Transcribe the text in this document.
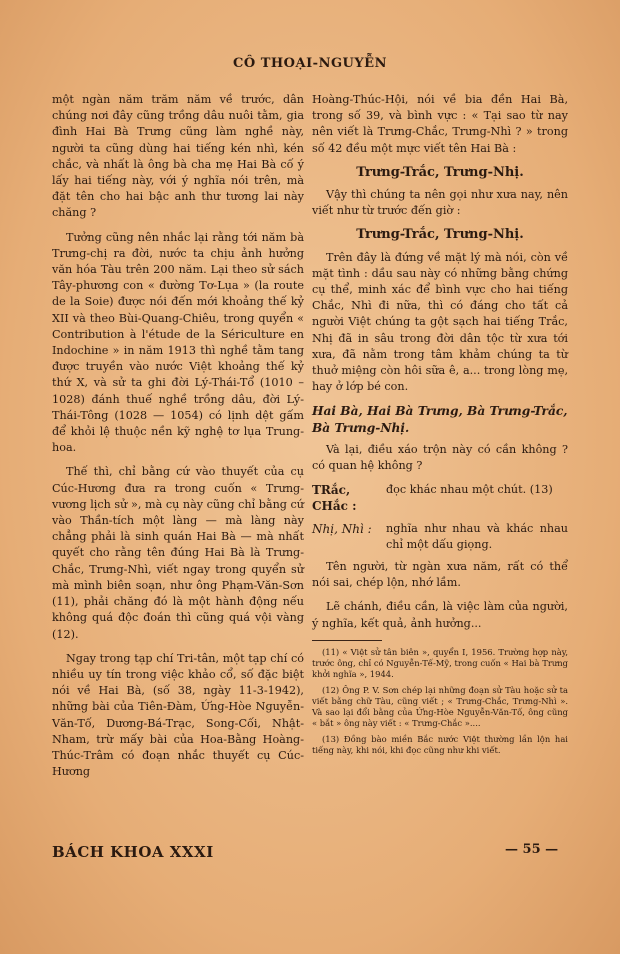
CÔ THOẠI-NGUYỄN

một ngàn năm trăm năm về trước, dân chúng nơi đây cũng trồng dâu nuôi tằm, gia đình Hai Bà Trưng cũng làm nghề này, người ta cũng dùng hai tiếng kén nhì, kén chắc, và nhất là ông bà cha mẹ Hai Bà cố ý lấy hai tiếng này, với ý nghĩa nói trên, mà đặt tên cho hai bậc anh thư tương lai này chăng ?

Tưởng cũng nên nhắc lại rằng tới năm bà Trưng-chị ra đời, nước ta chịu ảnh hưởng văn hóa Tàu trên 200 năm. Lại theo sử sách Tây-phương con « đường Tơ-Lụa » (la route de la Soie) được nói đến mới khoảng thế kỷ XII và theo Bùi-Quang-Chiêu, trong quyển « Contribution à l'étude de la Sériculture en Indochine » in năm 1913 thì nghề tằm tang được truyền vào nước Việt khoảng thế kỷ thứ X, và sử ta ghi đời Lý-Thái-Tổ (1010 – 1028) đánh thuế nghề trồng dâu, đời Lý-Thái-Tông (1028 — 1054) có lịnh dệt gấm để khỏi lệ thuộc nền kỹ nghệ tơ lụa Trung-hoa.

Thế thì, chỉ bằng cứ vào thuyết của cụ Cúc-Hương đưa ra trong cuốn « Trưng-vương lịch sử », mà cụ này cũng chỉ bằng cứ vào Thần-tích một làng — mà làng này chẳng phải là sinh quán Hai Bà — mà nhất quyết cho rằng tên đúng Hai Bà là Trưng-Chắc, Trưng-Nhì, viết ngay trong quyển sử mà mình biên soạn, như ông Phạm-Văn-Sơn (11), phải chăng đó là một hành động nếu không quá độc đoán thì cũng quá vội vàng (12).

Ngay trong tạp chí Tri-tân, một tạp chí có nhiều uy tín trong việc khảo cổ, số đặc biệt nói về Hai Bà, (số 38, ngày 11-3-1942), những bài của Tiên-Đàm, Ứng-Hòe Nguyễn-Văn-Tố, Dương-Bá-Trạc, Song-Cối, Nhật-Nham, trừ mấy bài của Hoa-Bằng Hoàng-Thúc-Trâm có đoạn nhắc thuyết cụ Cúc-Hương

Hoàng-Thúc-Hội, nói về bia đền Hai Bà, trong số 39, và bình vực : « Tại sao từ nay nên viết là Trưng-Chắc, Trưng-Nhì ? » trong số 42 đều một mực viết tên Hai Bà :

Trưng-Trắc, Trưng-Nhị.

Vậy thì chúng ta nên gọi như xưa nay, nên viết như từ trước đến giờ :

Trưng-Trắc, Trưng-Nhị.

Trên đây là đứng về mặt lý mà nói, còn về mặt tình : dầu sau này có những bằng chứng cụ thể, minh xác để bình vực cho hai tiếng Chắc, Nhì đi nữa, thì có đáng cho tất cả người Việt chúng ta gột sạch hai tiếng Trắc, Nhị đã in sâu trong đời dân tộc từ xưa tới xưa, đã nằm trong tâm khảm chúng ta từ thuở miệng còn hôi sữa ê, a... trong lòng mẹ, hay ở lớp bé con.

Hai Bà, Hai Bà Trưng, Bà Trưng-Trắc, Bà Trưng-Nhị.

Và lại, điều xáo trộn này có cần không ? có quan hệ không ?

TRắc, CHắc :
đọc khác nhau một chút. (13)
Nhị, Nhì :	nghĩa như nhau và khác nhau chỉ một dấu giọng.

Tên người, từ ngàn xưa năm, rất có thể nói sai, chép lộn, nhớ lầm.

Lẽ chánh, điều cần, là việc làm của người, ý nghĩa, kết quả, ảnh hưởng...

(11) « Việt sử tân biên », quyển I, 1956. Trường hợp này, trước ông, chỉ có Nguyễn-Tế-Mỹ, trong cuốn « Hai bà Trưng khởi nghĩa », 1944.

(12) Ông P. V. Sơn chép lại những đoạn sử Tàu hoặc sử ta viết bằng chữ Tàu, cũng viết ; « Trưng-Chắc, Trưng-Nhì ». Và sao lại đổi bằng của Ứng-Hòe Nguyễn-Văn-Tố, ông cũng « bắt » ông này viết : « Trưng-Chắc »....

(13) Đồng bào miền Bắc nước Việt thường lần lộn hai tiếng này, khi nói, khi đọc cũng như khi viết.

BÁCH KHOA XXXI	— 55 —
